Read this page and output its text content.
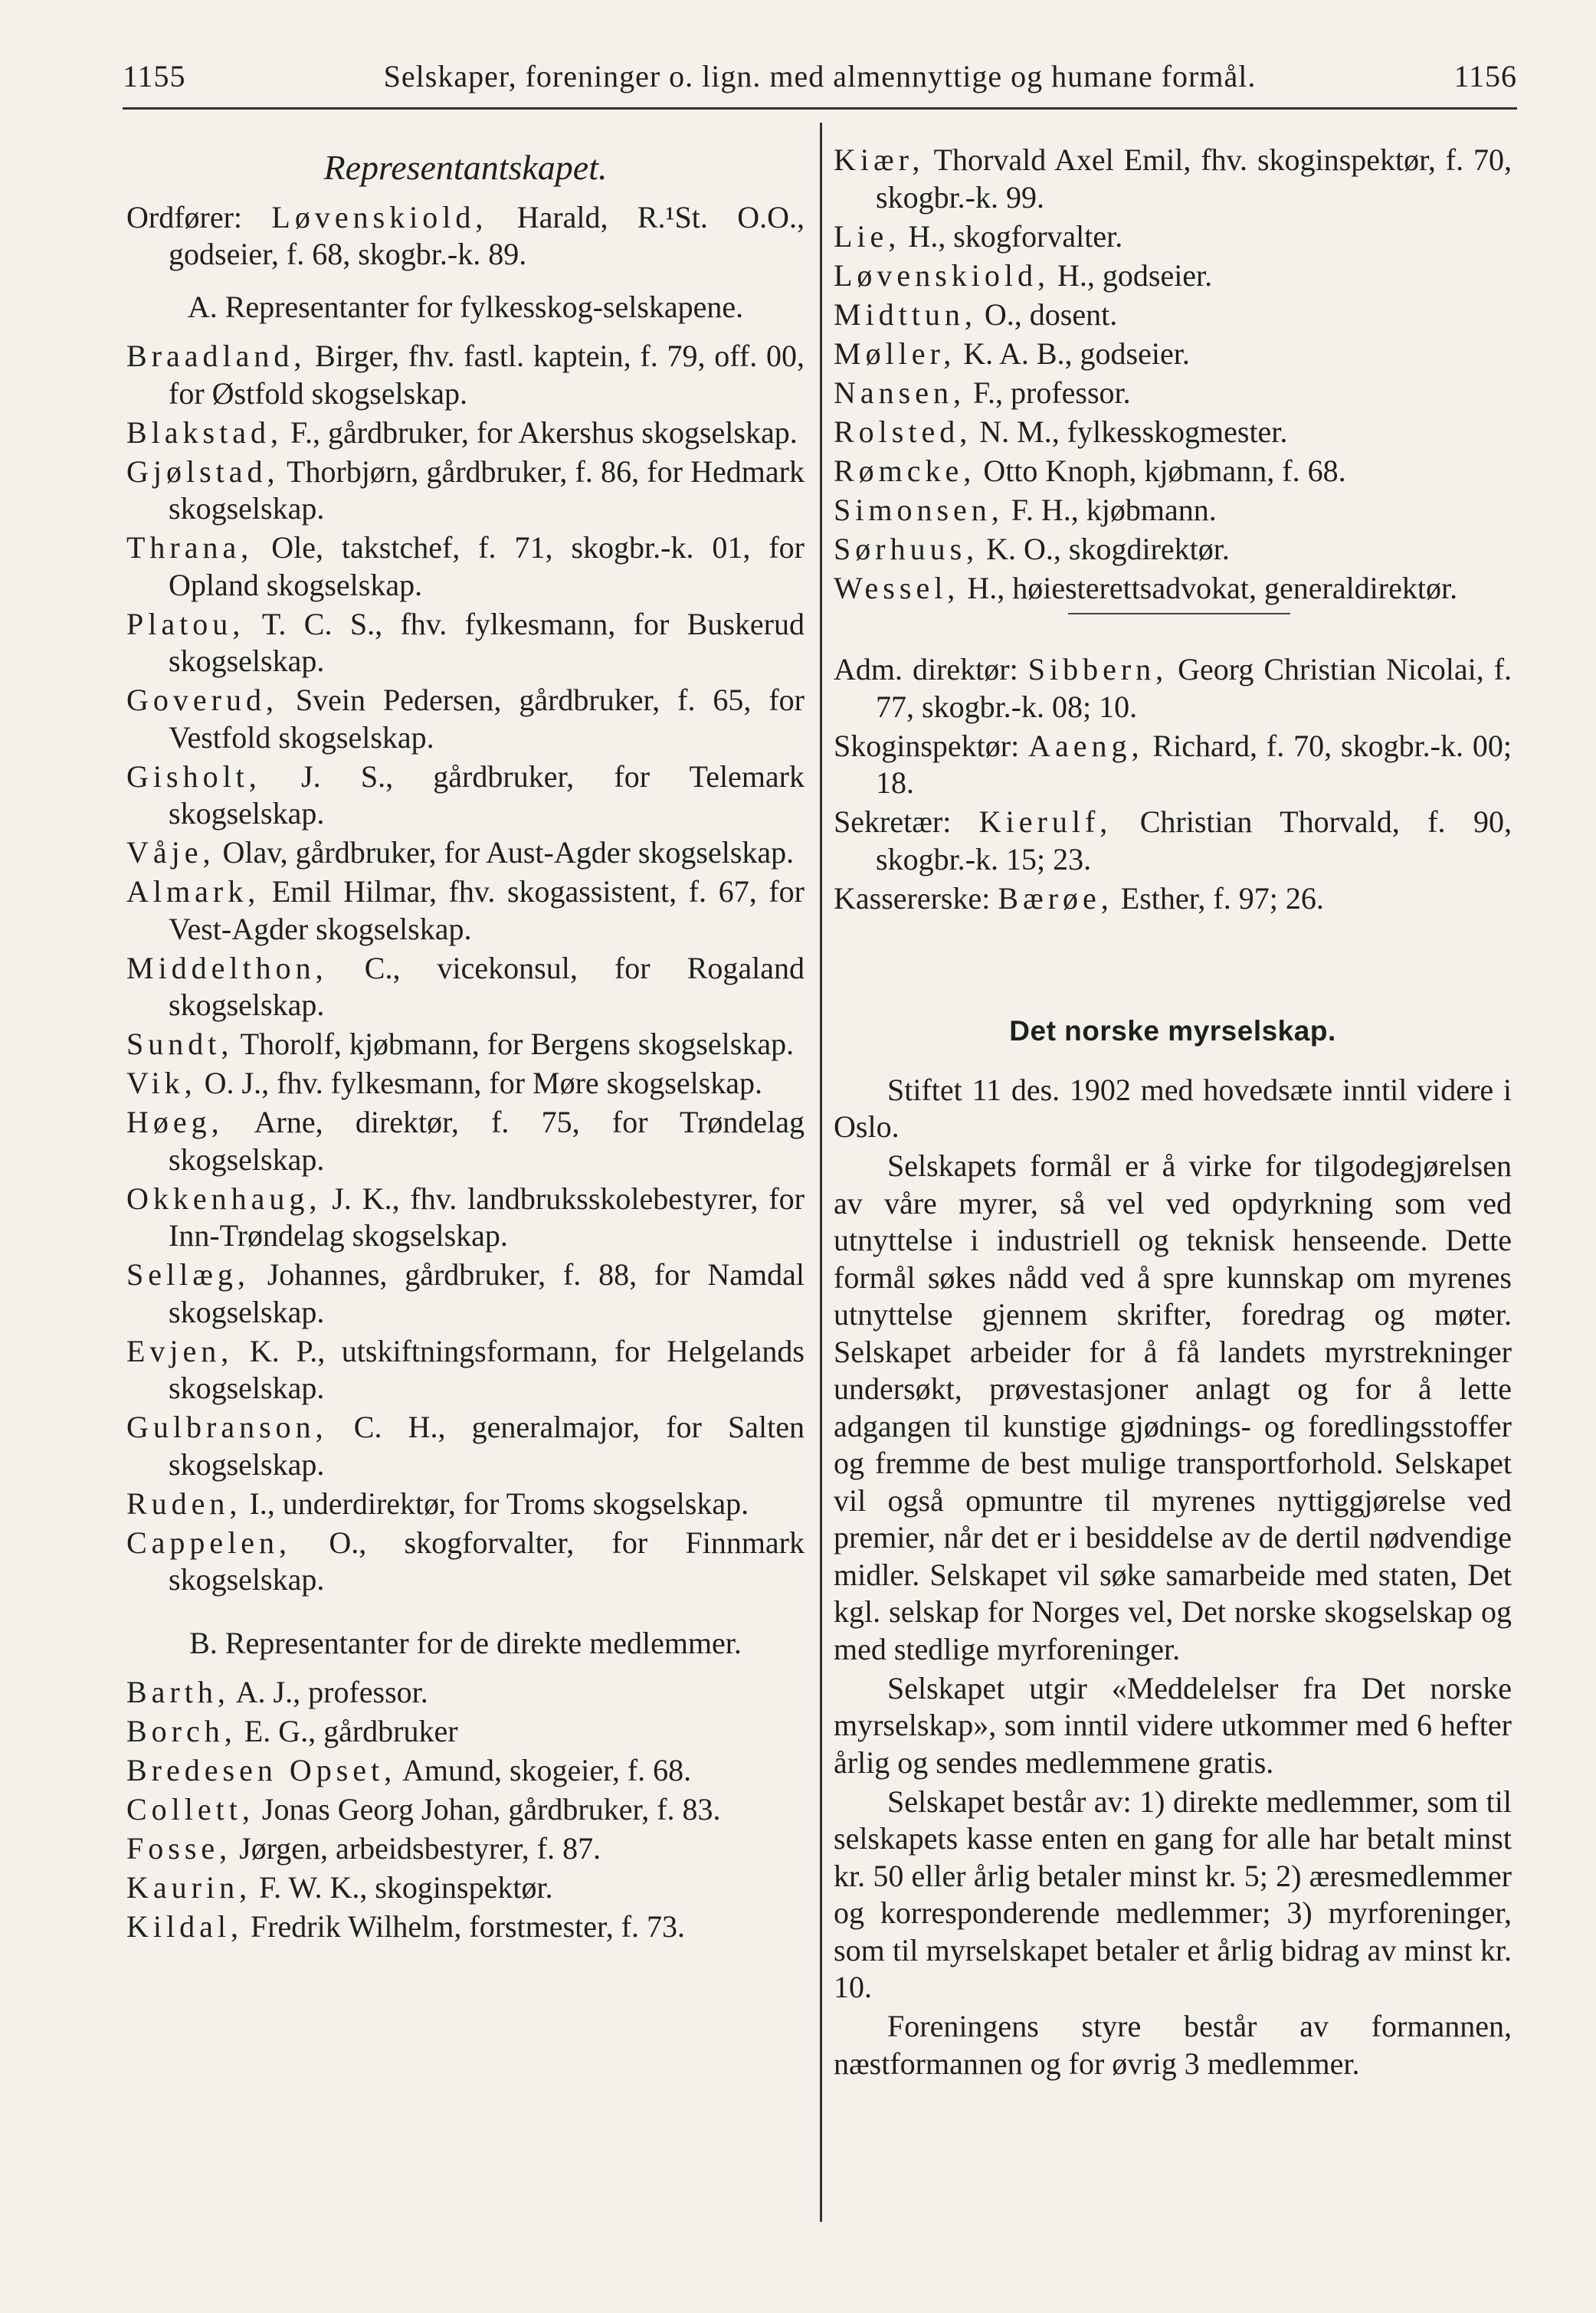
1155	Selskaper, foreninger o. lign. med almennyttige og humane formål.	1156
Representantskapet.

Ordfører: Løvenskiold, Harald, R.¹St. O.O., godseier, f. 68, skogbr.-k. 89.

A. Representanter for fylkesskog-selskapene.

Braadland, Birger, fhv. fastl. kaptein, f. 79, off. 00, for Østfold skogselskap.

Blakstad, F., gårdbruker, for Akershus skogselskap.

Gjølstad, Thorbjørn, gårdbruker, f. 86, for Hedmark skogselskap.

Thrana, Ole, takstchef, f. 71, skogbr.-k. 01, for Opland skogselskap.

Platou, T. C. S., fhv. fylkesmann, for Buskerud skogselskap.

Goverud, Svein Pedersen, gårdbruker, f. 65, for Vestfold skogselskap.

Gisholt, J. S., gårdbruker, for Telemark skogselskap.

Våje, Olav, gårdbruker, for Aust-Agder skogselskap.

Almark, Emil Hilmar, fhv. skogassistent, f. 67, for Vest-Agder skogselskap.

Middelthon, C., vicekonsul, for Rogaland skogselskap.

Sundt, Thorolf, kjøbmann, for Bergens skogselskap.

Vik, O. J., fhv. fylkesmann, for Møre skogselskap.

Høeg, Arne, direktør, f. 75, for Trøndelag skogselskap.

Okkenhaug, J. K., fhv. landbruksskolebestyrer, for Inn-Trøndelag skogselskap.

Sellæg, Johannes, gårdbruker, f. 88, for Namdal skogselskap.

Evjen, K. P., utskiftningsformann, for Helgelands skogselskap.

Gulbranson, C. H., generalmajor, for Salten skogselskap.

Ruden, I., underdirektør, for Troms skogselskap.

Cappelen, O., skogforvalter, for Finnmark skogselskap.

B. Representanter for de direkte medlemmer.

Barth, A. J., professor.

Borch, E. G., gårdbruker

Bredesen Opset, Amund, skogeier, f. 68.

Collett, Jonas Georg Johan, gårdbruker, f. 83.

Fosse, Jørgen, arbeidsbestyrer, f. 87.

Kaurin, F. W. K., skoginspektør.

Kildal, Fredrik Wilhelm, forstmester, f. 73.

Kiær, Thorvald Axel Emil, fhv. skoginspektør, f. 70, skogbr.-k. 99.

Lie, H., skogforvalter.

Løvenskiold, H., godseier.

Midttun, O., dosent.

Møller, K. A. B., godseier.

Nansen, F., professor.

Rolsted, N. M., fylkesskogmester.

Rømcke, Otto Knoph, kjøbmann, f. 68.

Simonsen, F. H., kjøbmann.

Sørhuus, K. O., skogdirektør.

Wessel, H., høiesterettsadvokat, generaldirektør.

Adm. direktør: Sibbern, Georg Christian Nicolai, f. 77, skogbr.-k. 08; 10.

Skoginspektør: Aaeng, Richard, f. 70, skogbr.-k. 00; 18.

Sekretær: Kierulf, Christian Thorvald, f. 90, skogbr.-k. 15; 23.

Kassererske: Bærøe, Esther, f. 97; 26.

Det norske myrselskap.

Stiftet 11 des. 1902 med hovedsæte inntil videre i Oslo.

Selskapets formål er å virke for tilgodegjørelsen av våre myrer, så vel ved opdyrkning som ved utnyttelse i industriell og teknisk henseende. Dette formål søkes nådd ved å spre kunnskap om myrenes utnyttelse gjennem skrifter, foredrag og møter. Selskapet arbeider for å få landets myrstrekninger undersøkt, prøvestasjoner anlagt og for å lette adgangen til kunstige gjødnings- og foredlingsstoffer og fremme de best mulige transportforhold. Selskapet vil også opmuntre til myrenes nyttiggjørelse ved premier, når det er i besiddelse av de dertil nødvendige midler. Selskapet vil søke samarbeide med staten, Det kgl. selskap for Norges vel, Det norske skogselskap og med stedlige myrforeninger.

Selskapet utgir «Meddelelser fra Det norske myrselskap», som inntil videre utkommer med 6 hefter årlig og sendes medlemmene gratis.

Selskapet består av: 1) direkte medlemmer, som til selskapets kasse enten en gang for alle har betalt minst kr. 50 eller årlig betaler minst kr. 5; 2) æresmedlemmer og korresponderende medlemmer; 3) myrforeninger, som til myrselskapet betaler et årlig bidrag av minst kr. 10.

Foreningens styre består av formannen, næstformannen og for øvrig 3 medlemmer.
